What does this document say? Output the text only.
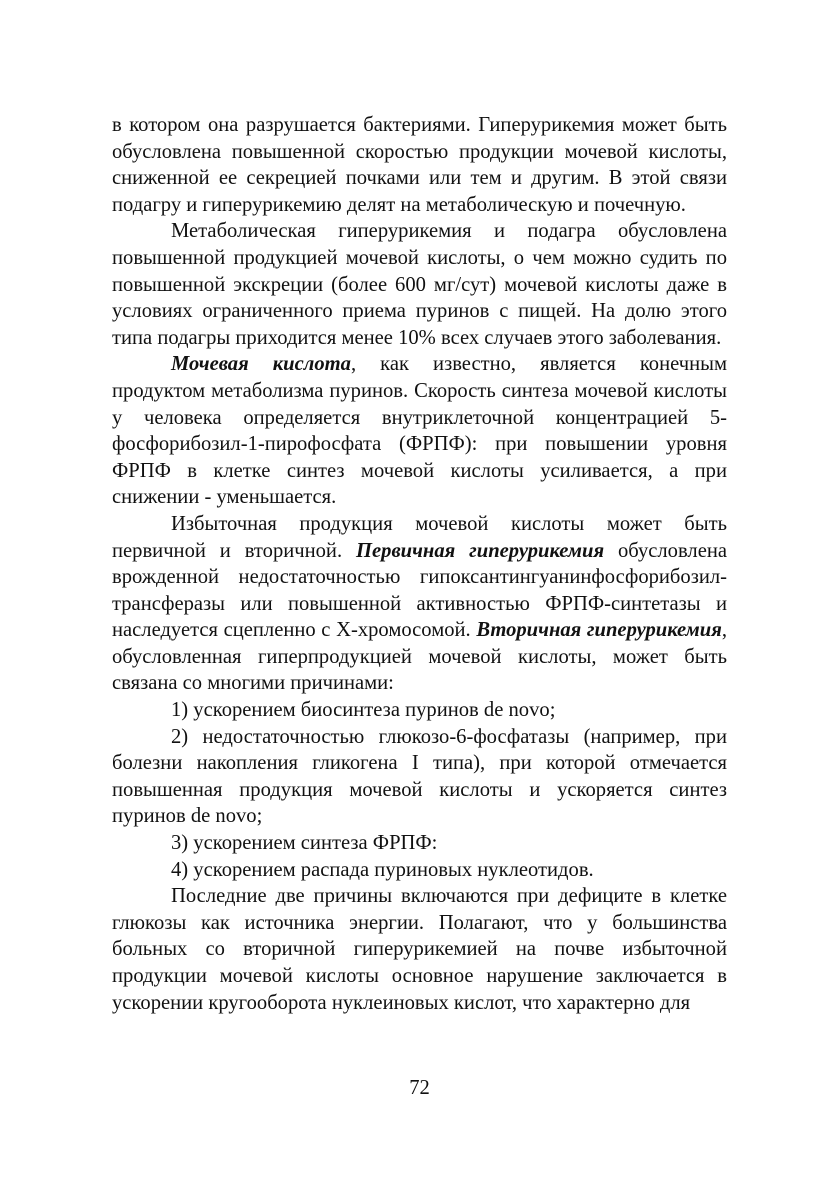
в котором она разрушается бактериями. Гиперурикемия может быть обусловлена повышенной скоростью продукции мочевой кислоты, сниженной ее секрецией почками или тем и другим. В этой связи подагру и гиперурикемию делят на метаболическую и почечную.

Метаболическая гиперурикемия и подагра обусловлена повышенной продукцией мочевой кислоты, о чем можно судить по повышенной экскреции (более 600 мг/сут) мочевой кислоты даже в условиях ограниченного приема пуринов с пищей. На долю этого типа подагры приходится менее 10% всех случаев этого заболевания.

Мочевая кислота, как известно, является конечным продуктом метаболизма пуринов. Скорость синтеза мочевой кислоты у человека определяется внутриклеточной концентрацией 5-фосфорибозил-1-пирофосфата (ФРПФ): при повышении уровня ФРПФ в клетке синтез мочевой кислоты усиливается, а при снижении - уменьшается.

Избыточная продукция мочевой кислоты может быть первичной и вторичной. Первичная гиперурикемия обусловлена врожденной недостаточностью гипоксантингуанинфосфорибозил-трансферазы или повышенной активностью ФРПФ-синтетазы и наследуется сцепленно с Х-хромосомой. Вторичная гиперурикемия, обусловленная гиперпродукцией мочевой кислоты, может быть связана со многими причинами:

1) ускорением биосинтеза пуринов de novo;

2) недостаточностью глюкозо-6-фосфатазы (например, при болезни накопления гликогена I типа), при которой отмечается повышенная продукция мочевой кислоты и ускоряется синтез пуринов de novo;

3) ускорением синтеза ФРПФ:

4) ускорением распада пуриновых нуклеотидов.

Последние две причины включаются при дефиците в клетке глюкозы как источника энергии. Полагают, что у большинства больных со вторичной гиперурикемией на почве избыточной продукции мочевой кислоты основное нарушение заключается в ускорении кругооборота нуклеиновых кислот, что характерно для

72
